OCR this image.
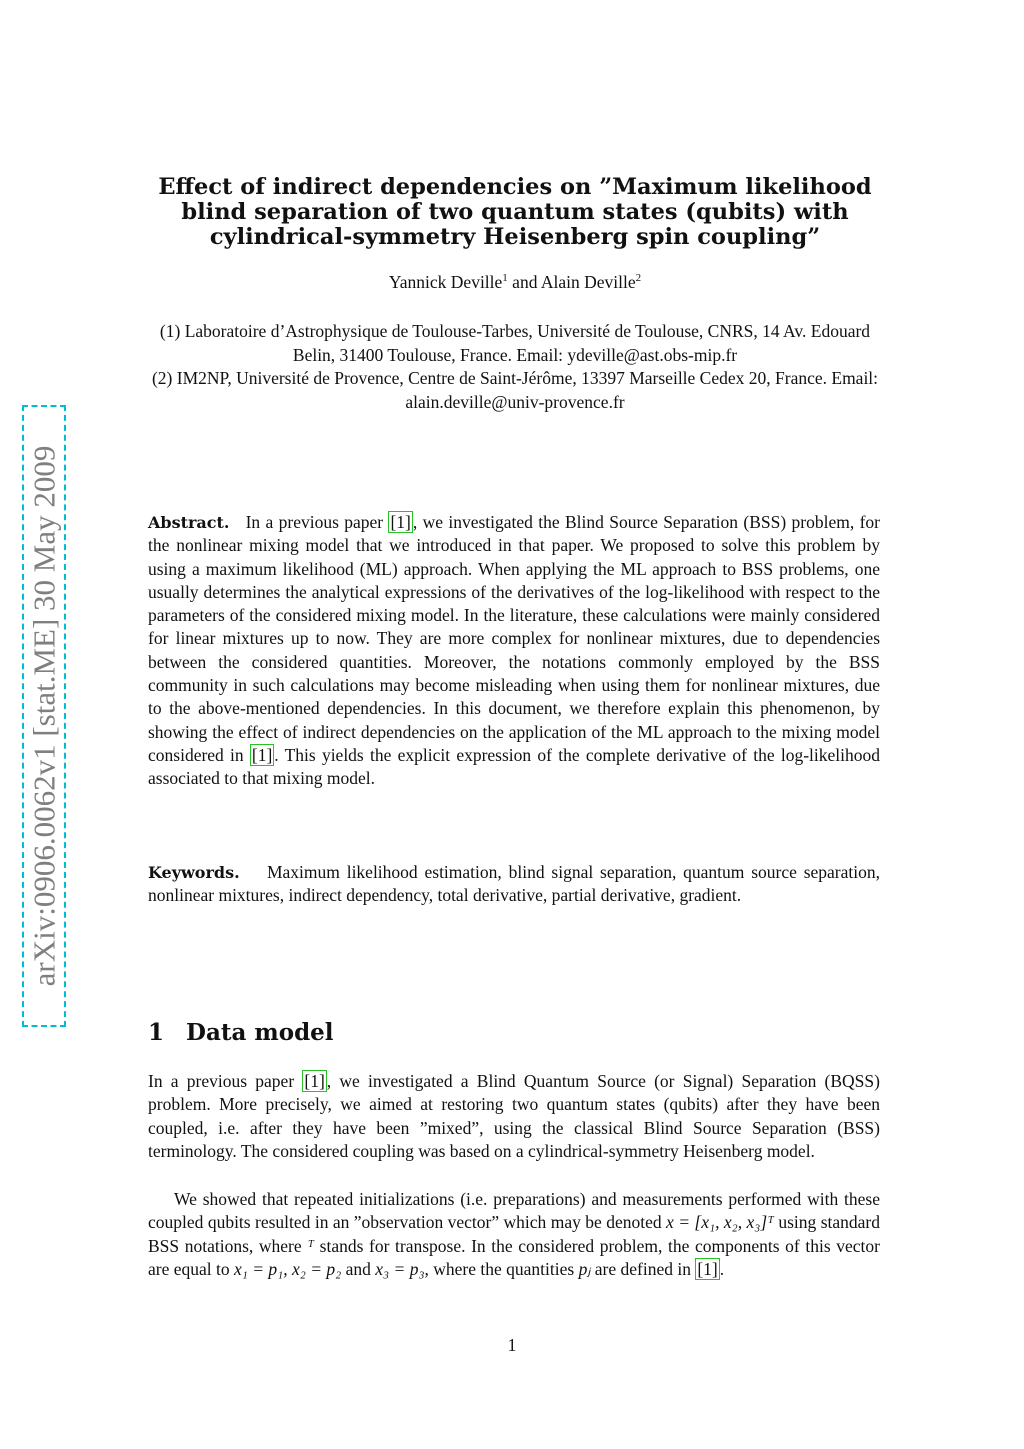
arXiv:0906.0062v1 [stat.ME] 30 May 2009
Effect of indirect dependencies on ”Maximum likelihood blind separation of two quantum states (qubits) with cylindrical-symmetry Heisenberg spin coupling”
Yannick Deville$^1$ and Alain Deville$^2$
(1) Laboratoire d’Astrophysique de Toulouse-Tarbes, Université de Toulouse, CNRS, 14 Av. Edouard Belin, 31400 Toulouse, France. Email: ydeville@ast.obs-mip.fr
(2) IM2NP, Université de Provence, Centre de Saint-Jérôme, 13397 Marseille Cedex 20, France. Email: alain.deville@univ-provence.fr
Abstract. In a previous paper [1] , we investigated the Blind Source Separation (BSS) problem, for the nonlinear mixing model that we introduced in that paper. We proposed to solve this problem by using a maximum likelihood (ML) approach. When applying the ML approach to BSS problems, one usually determines the analytical expressions of the derivatives of the log-likelihood with respect to the parameters of the considered mixing model. In the literature, these calculations were mainly considered for linear mixtures up to now. They are more complex for nonlinear mixtures, due to dependencies between the considered quantities. Moreover, the notations commonly employed by the BSS community in such calculations may become misleading when using them for nonlinear mixtures, due to the above-mentioned dependencies. In this document, we therefore explain this phenomenon, by showing the effect of indirect dependencies on the application of the ML approach to the mixing model considered in [1] . This yields the explicit expression of the complete derivative of the log-likelihood associated to that mixing model.
Keywords. Maximum likelihood estimation, blind signal separation, quantum source separation, nonlinear mixtures, indirect dependency, total derivative, partial derivative, gradient.
1 Data model
In a previous paper [1] , we investigated a Blind Quantum Source (or Signal) Separation (BQSS) problem. More precisely, we aimed at restoring two quantum states (qubits) after they have been coupled, i.e. after they have been ”mixed”, using the classical Blind Source Separation (BSS) terminology. The considered coupling was based on a cylindrical-symmetry Heisenberg model.
We showed that repeated initializations (i.e. preparations) and measurements performed with these coupled qubits resulted in an ”observation vector” which may be denoted x = [x₁, x₂, x₃]ᵀ using standard BSS notations, where ᵀ stands for transpose. In the considered problem, the components of this vector are equal to x₁ = p₁, x₂ = p₂ and x₃ = p₃, where the quantities pⱼ are defined in [1] .
1
